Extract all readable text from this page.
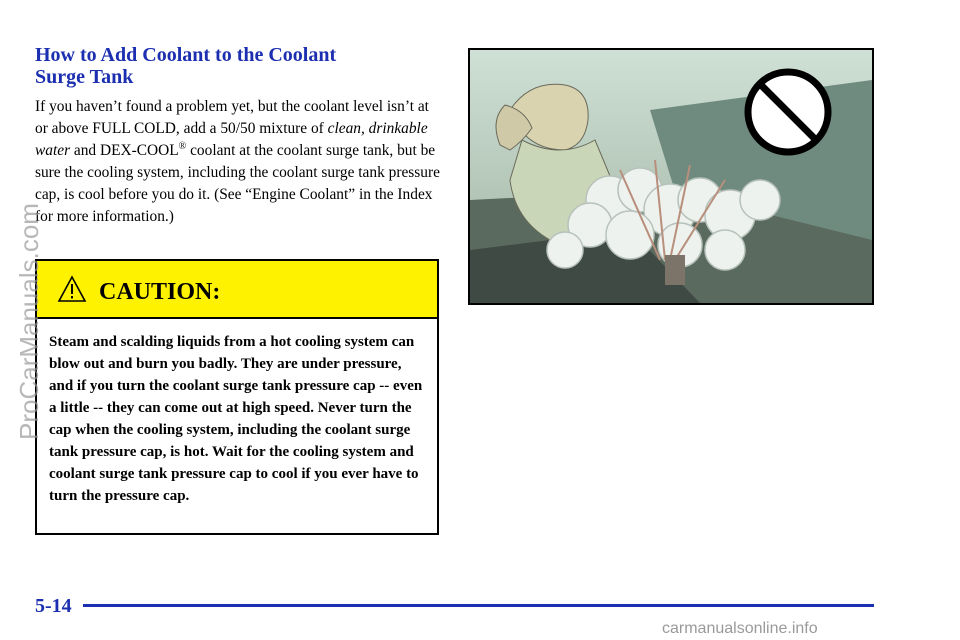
How to Add Coolant to the Coolant
Surge Tank
If you haven’t found a problem yet, but the coolant level isn’t at or above FULL COLD, add a 50/50 mixture of clean, drinkable water and DEX-COOL® coolant at the coolant surge tank, but be sure the cooling system, including the coolant surge tank pressure cap, is cool before you do it. (See “Engine Coolant” in the Index for more information.)
CAUTION:
Steam and scalding liquids from a hot cooling system can blow out and burn you badly. They are under pressure, and if you turn the coolant surge tank pressure cap -- even a little -- they can come out at high speed. Never turn the cap when the cooling system, including the coolant surge tank pressure cap, is hot. Wait for the cooling system and coolant surge tank pressure cap to cool if you ever have to turn the pressure cap.
ProCarManuals.com
5-14
carmanualsonline.info
